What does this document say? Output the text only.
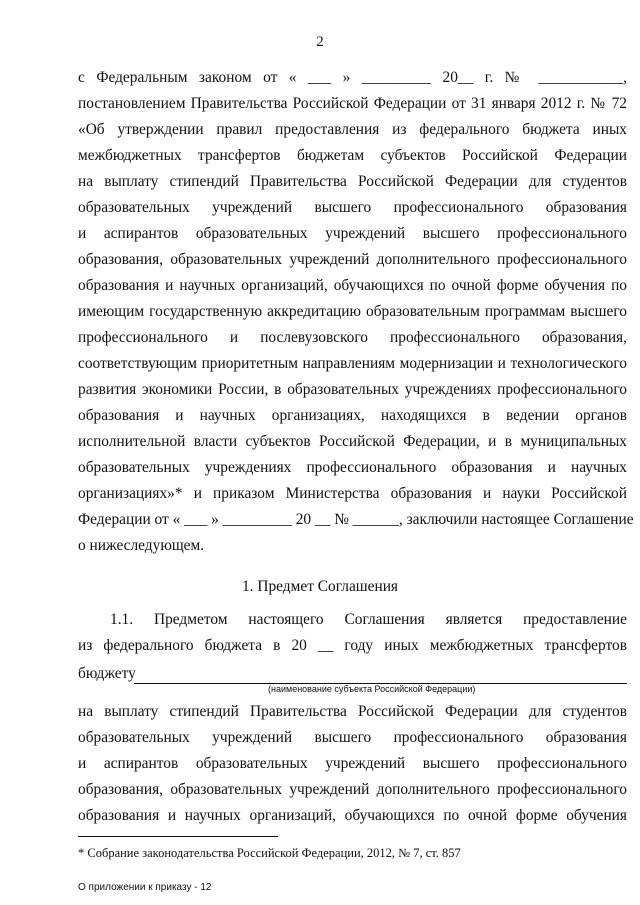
2
с Федеральным законом от « ___ » _________ 20__ г. № ___________,
постановлением Правительства Российской Федерации от 31 января 2012 г. № 72
«Об утверждении правил предоставления из федерального бюджета иных
межбюджетных трансфертов бюджетам субъектов Российской Федерации
на выплату стипендий Правительства Российской Федерации для студентов
образовательных учреждений высшего профессионального образования
и аспирантов образовательных учреждений высшего профессионального
образования, образовательных учреждений дополнительного профессионального
образования и научных организаций, обучающихся по очной форме обучения по
имеющим государственную аккредитацию образовательным программам высшего
профессионального и послевузовского профессионального образования,
соответствующим приоритетным направлениям модернизации и технологического
развития экономики России, в образовательных учреждениях профессионального
образования и научных организациях, находящихся в ведении органов
исполнительной власти субъектов Российской Федерации, и в муниципальных
образовательных учреждениях профессионального образования и научных
организациях»* и приказом Министерства образования и науки Российской
Федерации от « ___ » _________ 20 __ № ______, заключили настоящее Соглашение
о нижеследующем.
1. Предмет Соглашения
1.1. Предметом настоящего Соглашения является предоставление
из федерального бюджета в 20 __ году иных межбюджетных трансфертов
бюджету
(наименование субъекта Российской Федерации)
на выплату стипендий Правительства Российской Федерации для студентов
образовательных учреждений высшего профессионального образования
и аспирантов образовательных учреждений высшего профессионального
образования, образовательных учреждений дополнительного профессионального
образования и научных организаций, обучающихся по очной форме обучения
* Собрание законодательства Российской Федерации, 2012, № 7, ст. 857
О приложении к приказу - 12
